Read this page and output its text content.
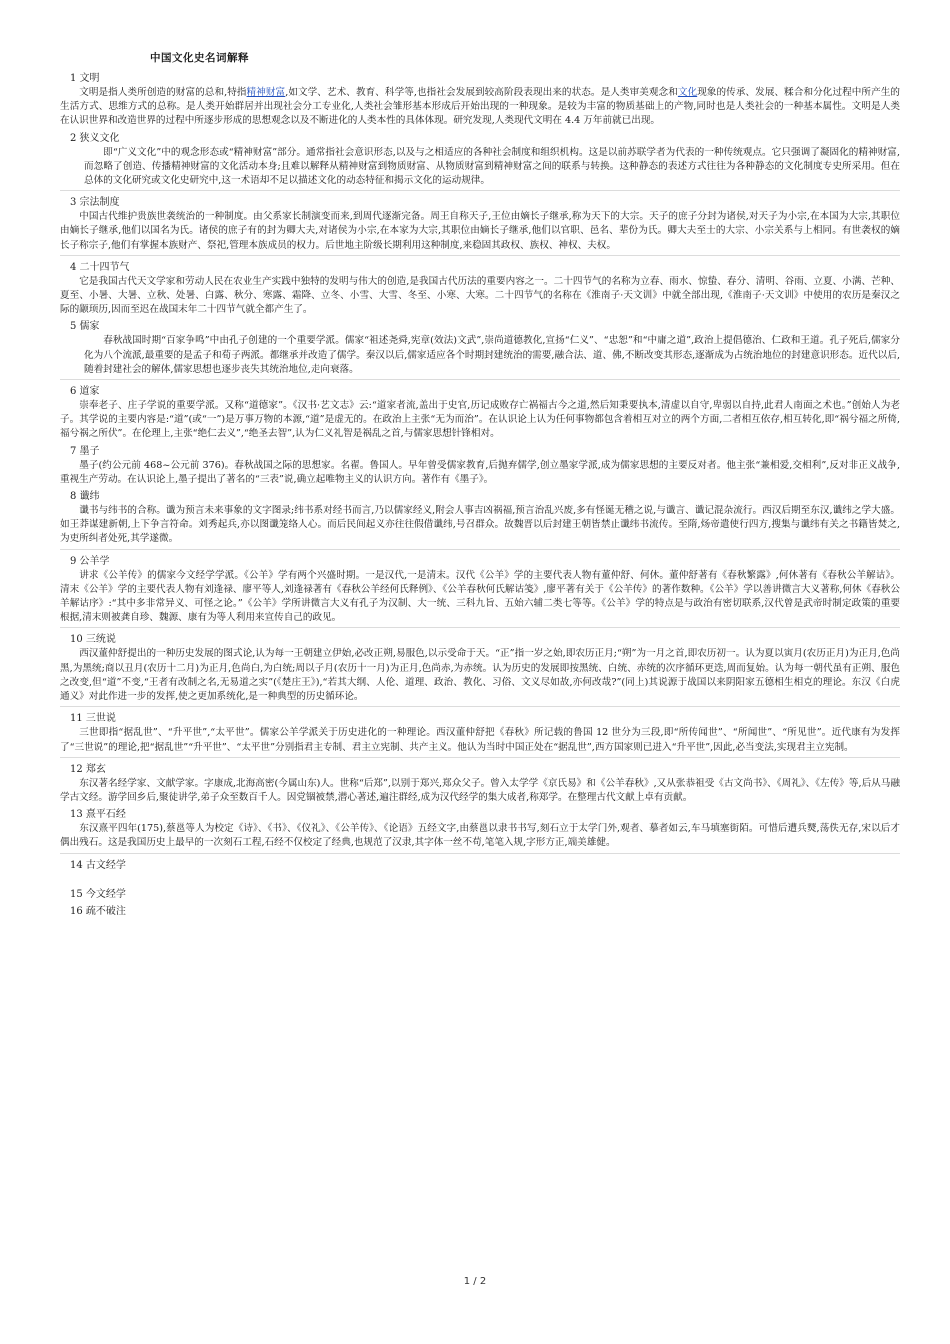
中国文化史名词解释

1 文明

文明是指人类所创造的财富的总和,特指精神财富,如文学、艺术、教育、科学等,也指社会发展到较高阶段表现出来的状态。是人类审美观念和文化现象的传承、发展、糅合和分化过程中所产生的生活方式、思维方式的总称。是人类开始群居并出现社会分工专业化,人类社会雏形基本形成后开始出现的一种现象。是较为丰富的物质基础上的产物,同时也是人类社会的一种基本属性。文明是人类在认识世界和改造世界的过程中所逐步形成的思想观念以及不断进化的人类本性的具体体现。研究发现,人类现代文明在 4.4 万年前就已出现。

2 狭义文化

即“广义文化”中的观念形态或“精神财富”部分。通常指社会意识形态,以及与之相适应的各种社会制度和组织机构。这是以前苏联学者为代表的一种传统观点。它只强调了凝固化的精神财富,而忽略了创造、传播精神财富的文化活动本身;且难以解释从精神财富到物质财富、从物质财富到精神财富之间的联系与转换。这种静态的表述方式往往为各种静态的文化制度专史所采用。但在总体的文化研究或文化史研究中,这一术语却不足以描述文化的动态特征和揭示文化的运动规律。

3 宗法制度

中国古代维护贵族世袭统治的一种制度。由父系家长制演变而来,到周代逐渐完备。周王自称天子,王位由嫡长子继承,称为天下的大宗。天子的庶子分封为诸侯,对天子为小宗,在本国为大宗,其职位由嫡长子继承,他们以国名为氏。诸侯的庶子有的封为卿大夫,对诸侯为小宗,在本家为大宗,其职位由嫡长子继承,他们以官职、邑名、辈份为氏。卿大夫至士的大宗、小宗关系与上相同。有世袭权的嫡长子称宗子,他们有掌握本族财产、祭祀,管理本族成员的权力。后世地主阶级长期利用这种制度,来稳固其政权、族权、神权、夫权。

4 二十四节气

它是我国古代天文学家和劳动人民在农业生产实践中独特的发明与伟大的创造,是我国古代历法的重要内容之一。二十四节气的名称为立春、雨水、惊蛰、春分、清明、谷雨、立夏、小满、芒种、夏至、小暑、大暑、立秋、处暑、白露、秋分、寒露、霜降、立冬、小雪、大雪、冬至、小寒、大寒。二十四节气的名称在《淮南子·天文训》中就全部出现,《淮南子·天文训》中使用的农历是秦汉之际的颛顼历,因而至迟在战国末年二十四节气就全都产生了。

5 儒家

春秋战国时期“百家争鸣”中由孔子创建的一个重要学派。儒家“祖述尧舜,宪章(效法)文武”,崇尚道德教化,宣扬“仁义”、“忠恕”和“中庸之道”,政治上提倡德治、仁政和王道。孔子死后,儒家分化为八个流派,最重要的是孟子和荀子两派。都继承并改造了儒学。秦汉以后,儒家适应各个时期封建统治的需要,融合法、道、佛,不断改变其形态,逐渐成为占统治地位的封建意识形态。近代以后,随着封建社会的解体,儒家思想也逐步丧失其统治地位,走向衰落。

6 道家

崇奉老子、庄子学说的重要学派。又称“道德家”。《汉书·艺文志》云:“道家者流,盖出于史官,历记成败存亡祸福古今之道,然后知秉要执本,清虚以自守,卑弱以自持,此君人南面之术也。”创始人为老子。其学说的主要内容是:“道”(或“一”)是万事万物的本源,“道”是虚无的。在政治上主张“无为而治”。在认识论上认为任何事物都包含着相互对立的两个方面,二者相互依存,相互转化,即“祸兮福之所倚,福兮祸之所伏”。在伦理上,主张“绝仁去义”,“绝圣去智”,认为仁义礼智是祸乱之首,与儒家思想针锋相对。

7 墨子

墨子(约公元前 468~公元前 376)。春秋战国之际的思想家。名翟。鲁国人。早年曾受儒家教育,后抛弃儒学,创立墨家学派,成为儒家思想的主要反对者。他主张“兼相爱,交相利”,反对非正义战争,重视生产劳动。在认识论上,墨子提出了著名的“三表”说,确立起唯物主义的认识方向。著作有《墨子》。

8 谶纬

谶书与纬书的合称。谶为预言未来事象的文字图录;纬书系对经书而言,乃以儒家经义,附会人事吉凶祸福,预言治乱兴废,多有怪诞无稽之说,与谶言、谶记混杂流行。西汉后期至东汉,谶纬之学大盛。如王莽谋建新朝,上下争言符命。刘秀起兵,亦以图谶笼络人心。而后民间起义亦往往假借谶纬,号召群众。故魏晋以后封建王朝皆禁止谶纬书流传。至隋,炀帝遣使行四方,搜集与谶纬有关之书籍皆焚之,为吏所纠者处死,其学遂微。

9 公羊学

讲求《公羊传》的儒家今文经学学派。《公羊》学有两个兴盛时期。一是汉代,一是清末。汉代《公羊》学的主要代表人物有董仲舒、何休。董仲舒著有《春秋繁露》,何休著有《春秋公羊解诂》。清末《公羊》学的主要代表人物有刘逢禄、廖平等人,刘逢禄著有《春秋公羊经何氏释例》、《公羊春秋何氏解诂笺》,廖平著有关于《公羊传》的著作数种。《公羊》学以善讲微言大义著称,何休《春秋公羊解诂序》:“其中多非常异义、可怪之论。”《公羊》学所讲微言大义有孔子为汉制、大一统、三科九旨、五始六辅二类七等等。《公羊》学的特点是与政治有密切联系,汉代曾是武帝时制定政策的重要根据,清末则被龚自珍、魏源、康有为等人利用来宣传自己的政见。

10 三统说

西汉董仲舒提出的一种历史发展的图式论,认为每一王朝建立伊始,必改正朔,易服色,以示受命于天。“正”指一岁之始,即农历正月;“朔”为一月之首,即农历初一。认为夏以寅月(农历正月)为正月,色尚黑,为黑统;商以丑月(农历十二月)为正月,色尚白,为白统;周以子月(农历十一月)为正月,色尚赤,为赤统。认为历史的发展即按黑统、白统、赤统的次序循环更迭,周而复始。认为每一朝代虽有正朔、服色之改变,但“道”不变,“王者有改制之名,无易道之实”(《楚庄王》),“若其大纲、人伦、道理、政治、教化、习俗、文义尽如故,亦何改哉?”(同上)其说源于战国以来阴阳家五德相生相克的理论。东汉《白虎通义》对此作进一步的发挥,使之更加系统化,是一种典型的历史循环论。

11 三世说

三世即指“据乱世”、“升平世”,“太平世”。儒家公羊学派关于历史进化的一种理论。西汉董仲舒把《春秋》所记载的鲁国 12 世分为三段,即“所传闻世”、“所闻世”、“所见世”。近代康有为发挥了“三世说”的理论,把“据乱世”“升平世”、“太平世”分别指君主专制、君主立宪制、共产主义。他认为当时中国正处在“据乱世”,西方国家则已进入“升平世”,因此,必当变法,实现君主立宪制。

12 郑玄

东汉著名经学家、文献学家。字康成,北海高密(今属山东)人。世称“后郑”,以别于郑兴,郑众父子。曾入太学学《京氏易》和《公羊春秋》,又从张恭祖受《古文尚书》、《周礼》、《左传》等,后从马融学古文经。游学回乡后,聚徒讲学,弟子众至数百千人。因党锢被禁,潜心著述,遍注群经,成为汉代经学的集大成者,称郑学。在整理古代文献上卓有贡献。

13 熹平石经

东汉熹平四年(175),蔡邕等人为校定《诗》、《书》、《仪礼》、《公羊传》、《论语》五经文字,由蔡邕以隶书书写,刻石立于太学门外,观者、摹者如云,车马填塞街陌。可惜后遭兵燹,荡佚无存,宋以后才偶出残石。这是我国历史上最早的一次刻石工程,石经不仅校定了经典,也规范了汉隶,其字体一丝不苟,笔笔入规,字形方正,端美雄健。

14 古文经学

15 今文经学

16 疏不破注

1 / 2
